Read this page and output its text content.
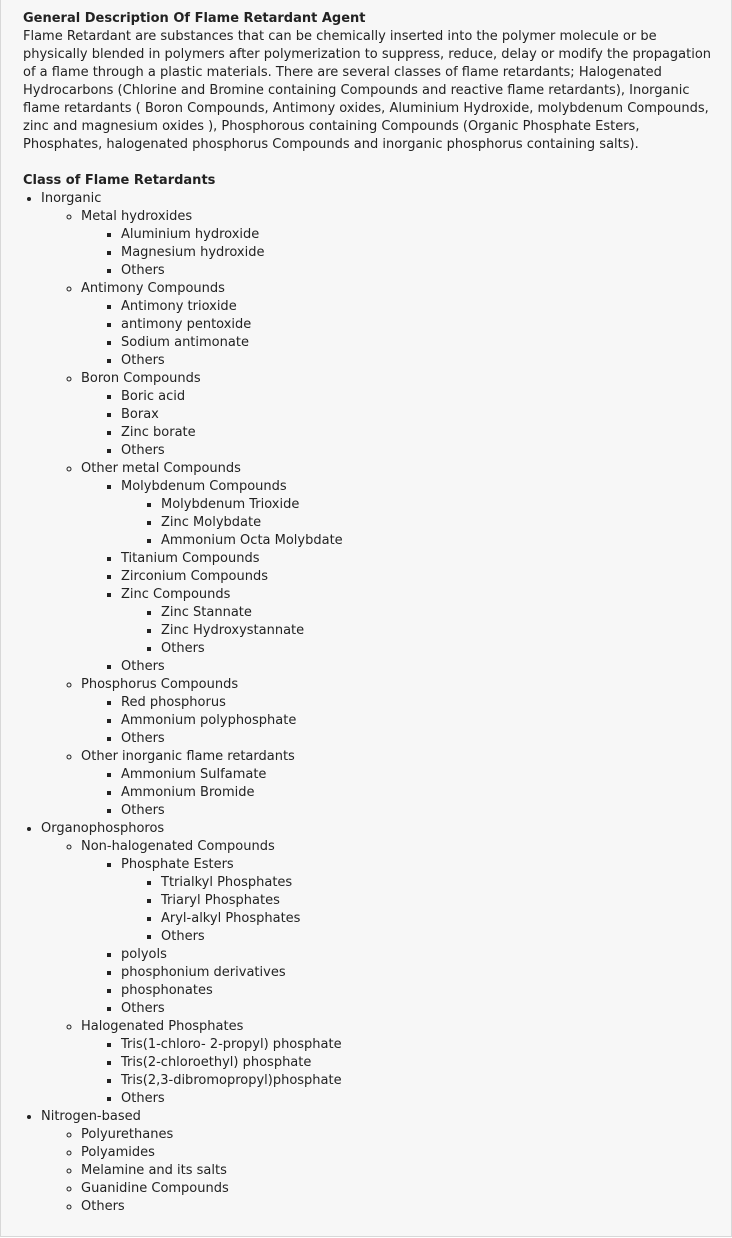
General Description Of Flame Retardant Agent

Flame Retardant are substances that can be chemically inserted into the polymer molecule or be physically blended in polymers after polymerization to suppress, reduce, delay or modify the propagation of a flame through a plastic materials. There are several classes of flame retardants; Halogenated Hydrocarbons (Chlorine and Bromine containing Compounds and reactive flame retardants), Inorganic flame retardants ( Boron Compounds, Antimony oxides, Aluminium Hydroxide, molybdenum Compounds, zinc and magnesium oxides ), Phosphorous containing Compounds (Organic Phosphate Esters, Phosphates, halogenated phosphorus Compounds and inorganic phosphorus containing salts).

Class of Flame Retardants

• Inorganic
◦ Metal hydroxides
▪ Aluminium hydroxide
▪ Magnesium hydroxide
▪ Others
◦ Antimony Compounds
▪ Antimony trioxide
▪ antimony pentoxide
▪ Sodium antimonate
▪ Others
◦ Boron Compounds
▪ Boric acid
▪ Borax
▪ Zinc borate
▪ Others
◦ Other metal Compounds
▪ Molybdenum Compounds
▪ Molybdenum Trioxide
▪ Zinc Molybdate
▪ Ammonium Octa Molybdate
▪ Titanium Compounds
▪ Zirconium Compounds
▪ Zinc Compounds
▪ Zinc Stannate
▪ Zinc Hydroxystannate
▪ Others
▪ Others
◦ Phosphorus Compounds
▪ Red phosphorus
▪ Ammonium polyphosphate
▪ Others
◦ Other inorganic flame retardants
▪ Ammonium Sulfamate
▪ Ammonium Bromide
▪ Others
• Organophosphoros
◦ Non-halogenated Compounds
▪ Phosphate Esters
▪ Ttrialkyl Phosphates
▪ Triaryl Phosphates
▪ Aryl-alkyl Phosphates
▪ Others
▪ polyols
▪ phosphonium derivatives
▪ phosphonates
▪ Others
◦ Halogenated Phosphates
▪ Tris(1-chloro- 2-propyl) phosphate
▪ Tris(2-chloroethyl) phosphate
▪ Tris(2,3-dibromopropyl)phosphate
▪ Others
• Nitrogen-based
◦ Polyurethanes
◦ Polyamides
◦ Melamine and its salts
◦ Guanidine Compounds
◦ Others
